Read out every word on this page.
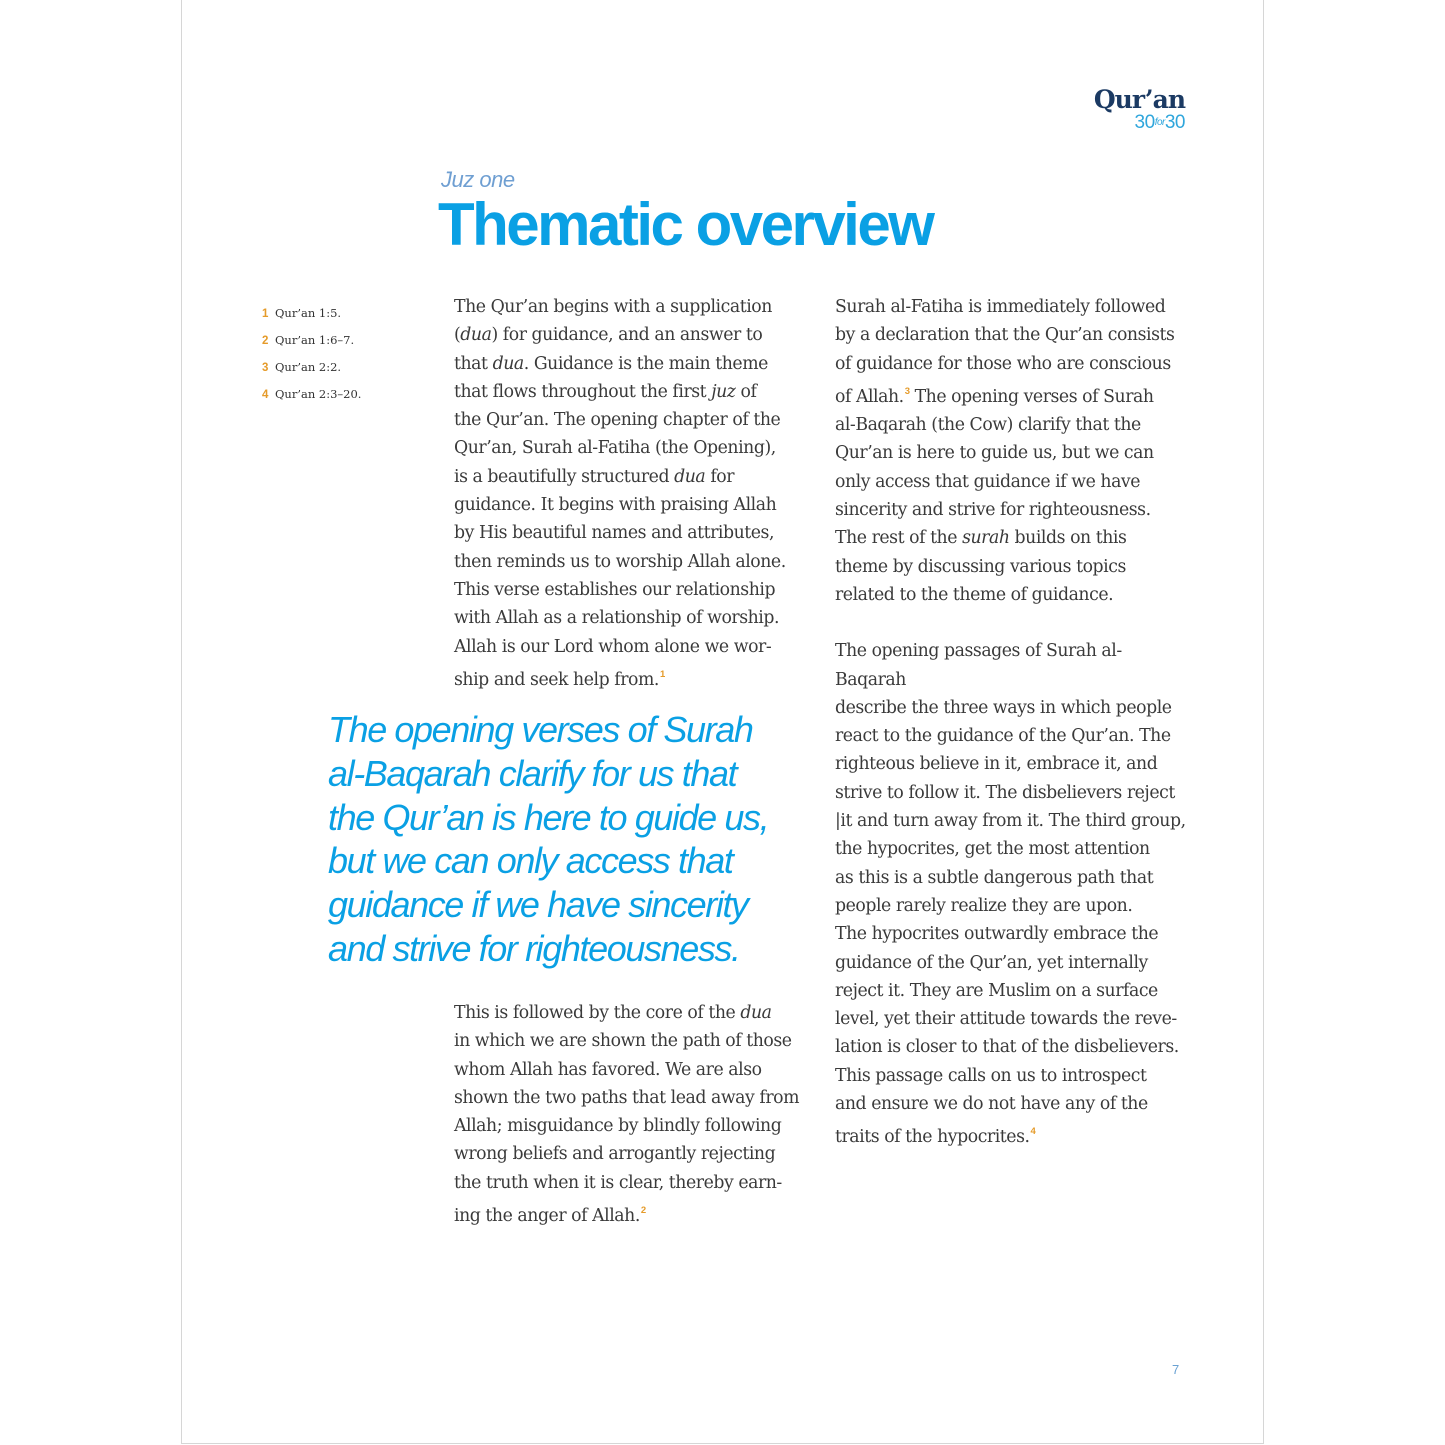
Qur’an
30for30
Juz one
Thematic overview
1 Qur’an 1:5.
2 Qur’an 1:6–7.
3 Qur’an 2:2.
4 Qur’an 2:3–20.

The Qur’an begins with a supplication
(dua) for guidance, and an answer to
that dua. Guidance is the main theme
that flows throughout the first juz of
the Qur’an. The opening chapter of the
Qur’an, Surah al-Fatiha (the Opening),
is a beautifully structured dua for
guidance. It begins with praising Allah
by His beautiful names and attributes,
then reminds us to worship Allah alone.
This verse establishes our relationship
with Allah as a relationship of worship.
Allah is our Lord whom alone we wor-
ship and seek help from.$^1$

The opening verses of Surah
al-Baqarah clarify for us that
the Qur’an is here to guide us,
but we can only access that
guidance if we have sincerity
and strive for righteousness.

This is followed by the core of the dua
in which we are shown the path of those
whom Allah has favored. We are also
shown the two paths that lead away from
Allah; misguidance by blindly following
wrong beliefs and arrogantly rejecting
the truth when it is clear, thereby earn-
ing the anger of Allah.$^2$

Surah al-Fatiha is immediately followed
by a declaration that the Qur’an consists
of guidance for those who are conscious
of Allah.$^3$ The opening verses of Surah
al-Baqarah (the Cow) clarify that the
Qur’an is here to guide us, but we can
only access that guidance if we have
sincerity and strive for righteousness.
The rest of the surah builds on this
theme by discussing various topics
related to the theme of guidance.

The opening passages of Surah al-Baqarah
describe the three ways in which people
react to the guidance of the Qur’an. The
righteous believe in it, embrace it, and
strive to follow it. The disbelievers reject
|it and turn away from it. The third group,
the hypocrites, get the most attention
as this is a subtle dangerous path that
people rarely realize they are upon.
The hypocrites outwardly embrace the
guidance of the Qur’an, yet internally
reject it. They are Muslim on a surface
level, yet their attitude towards the reve-
lation is closer to that of the disbelievers.
This passage calls on us to introspect
and ensure we do not have any of the
traits of the hypocrites.$^4$

7
